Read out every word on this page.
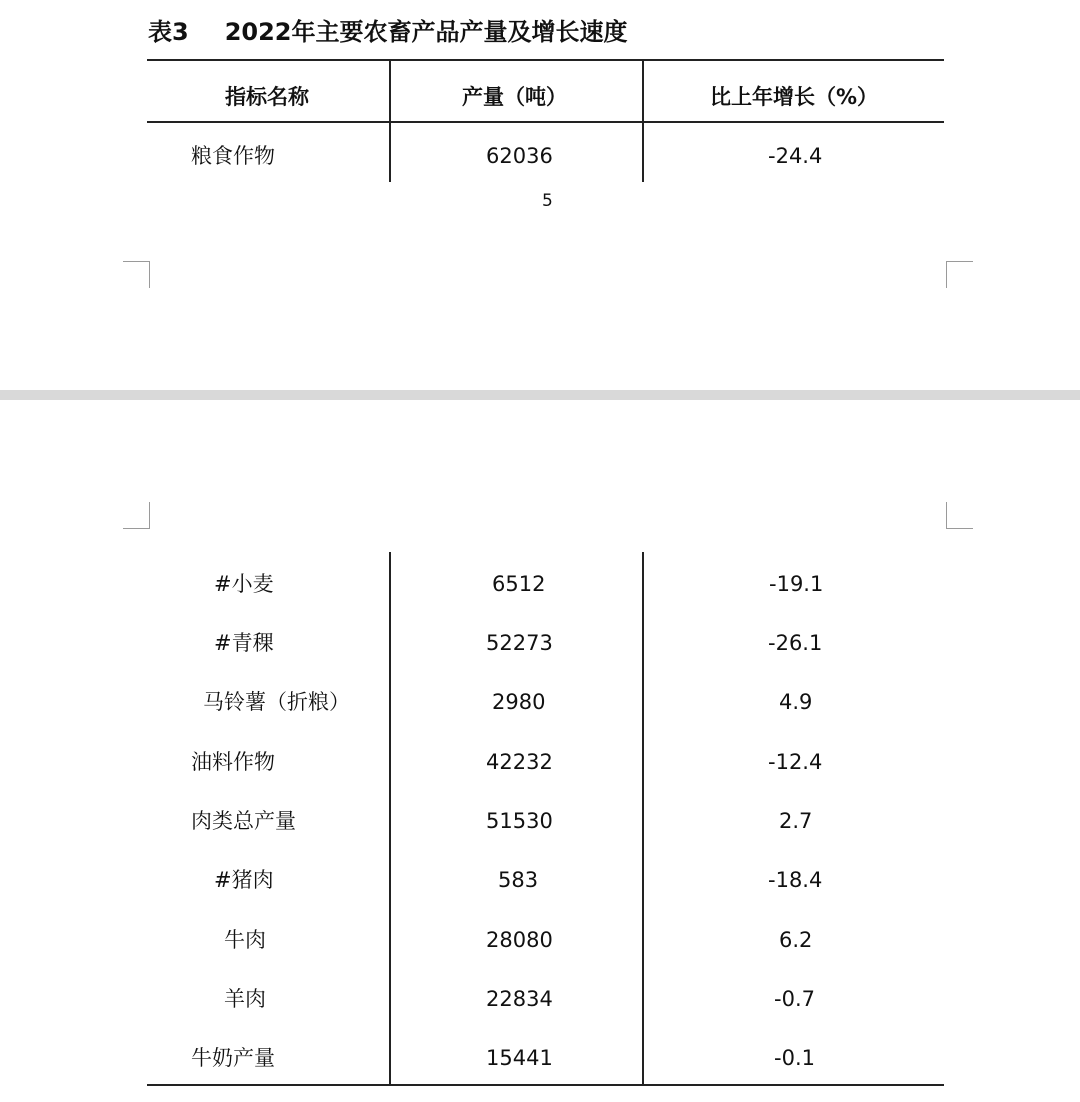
表3 2022年主要农畜产品产量及增长速度
指标名称	产量（吨）	比上年增长（%）
粮食作物	62036	-24.4
5
#小麦	6512	-19.1
#青稞	52273	-26.1
马铃薯（折粮）	2980	4.9
油料作物	42232	-12.4
肉类总产量	51530	2.7
#猪肉	583	-18.4
牛肉	28080	6.2
羊肉	22834	-0.7
牛奶产量	15441	-0.1
